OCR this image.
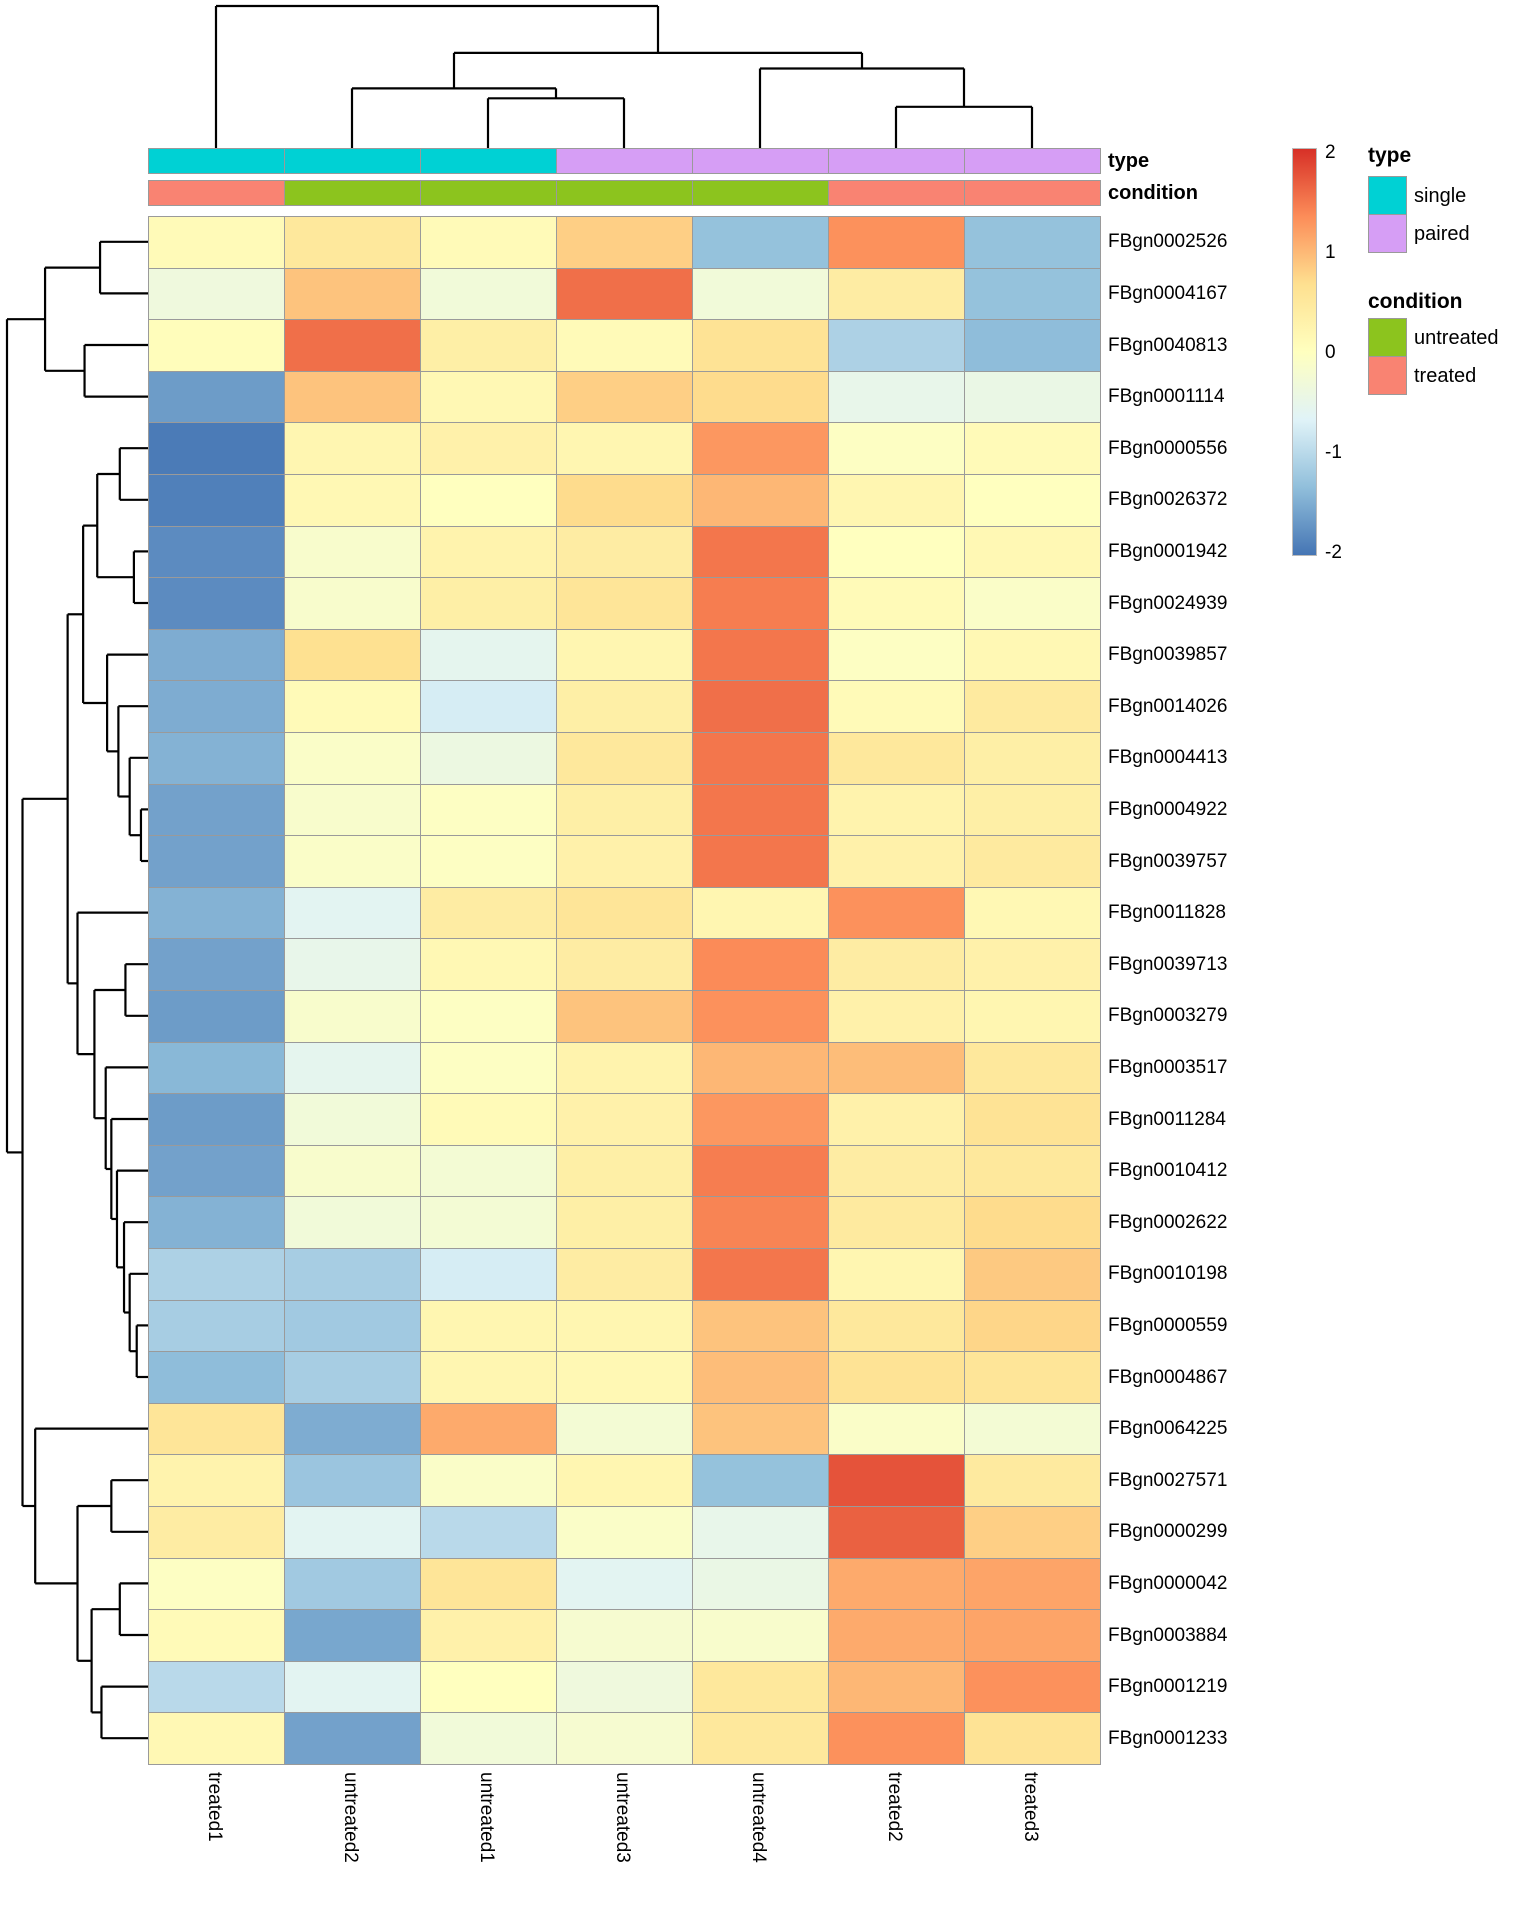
type
condition
FBgn0002526
FBgn0004167
FBgn0040813
FBgn0001114
FBgn0000556
FBgn0026372
FBgn0001942
FBgn0024939
FBgn0039857
FBgn0014026
FBgn0004413
FBgn0004922
FBgn0039757
FBgn0011828
FBgn0039713
FBgn0003279
FBgn0003517
FBgn0011284
FBgn0010412
FBgn0002622
FBgn0010198
FBgn0000559
FBgn0004867
FBgn0064225
FBgn0027571
FBgn0000299
FBgn0000042
FBgn0003884
FBgn0001219
FBgn0001233
treated1	untreated2	untreated1	untreated3	untreated4	treated2	treated3
2
1
0
-1
-2
type
single
paired
condition
untreated
treated
